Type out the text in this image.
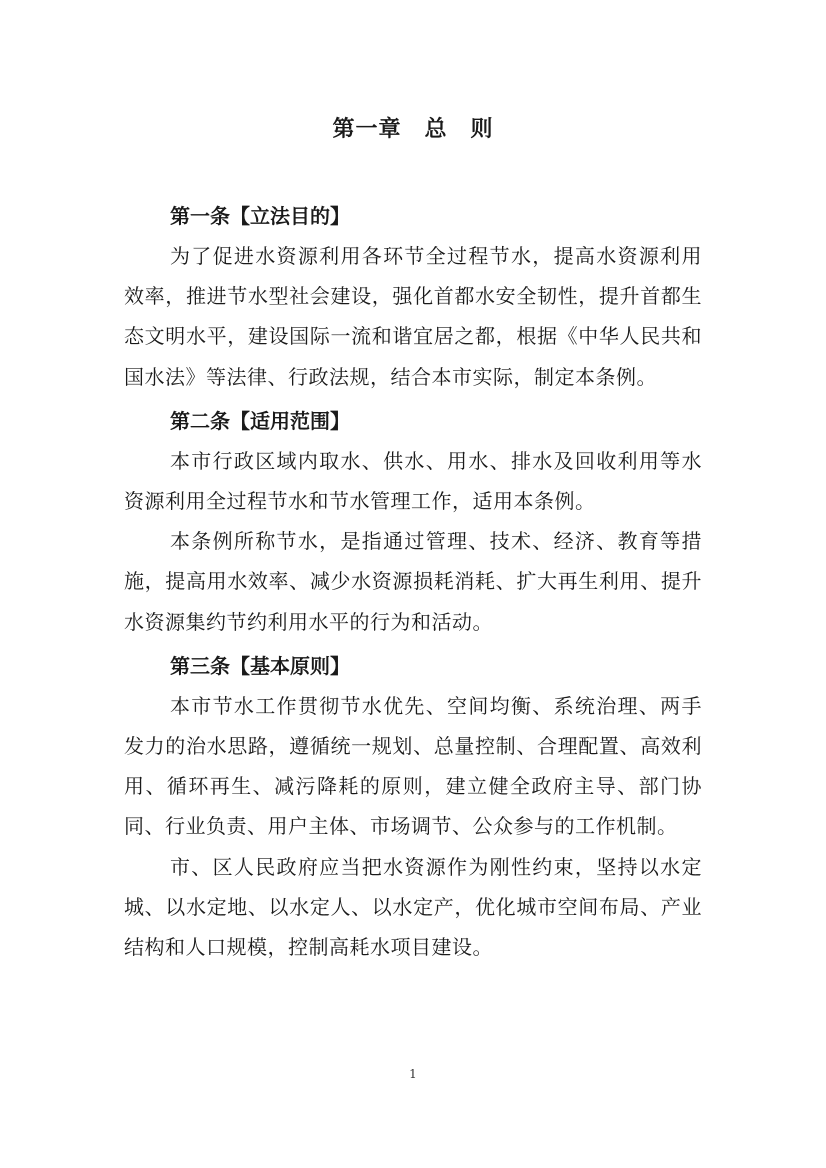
第一章　总　则

第一条【立法目的】

为了促进水资源利用各环节全过程节水，提高水资源利用效率，推进节水型社会建设，强化首都水安全韧性，提升首都生态文明水平，建设国际一流和谐宜居之都，根据《中华人民共和国水法》等法律、行政法规，结合本市实际，制定本条例。

第二条【适用范围】

本市行政区域内取水、供水、用水、排水及回收利用等水资源利用全过程节水和节水管理工作，适用本条例。

本条例所称节水，是指通过管理、技术、经济、教育等措施，提高用水效率、减少水资源损耗消耗、扩大再生利用、提升水资源集约节约利用水平的行为和活动。

第三条【基本原则】

本市节水工作贯彻节水优先、空间均衡、系统治理、两手发力的治水思路，遵循统一规划、总量控制、合理配置、高效利用、循环再生、减污降耗的原则，建立健全政府主导、部门协同、行业负责、用户主体、市场调节、公众参与的工作机制。

市、区人民政府应当把水资源作为刚性约束，坚持以水定城、以水定地、以水定人、以水定产，优化城市空间布局、产业结构和人口规模，控制高耗水项目建设。

1
